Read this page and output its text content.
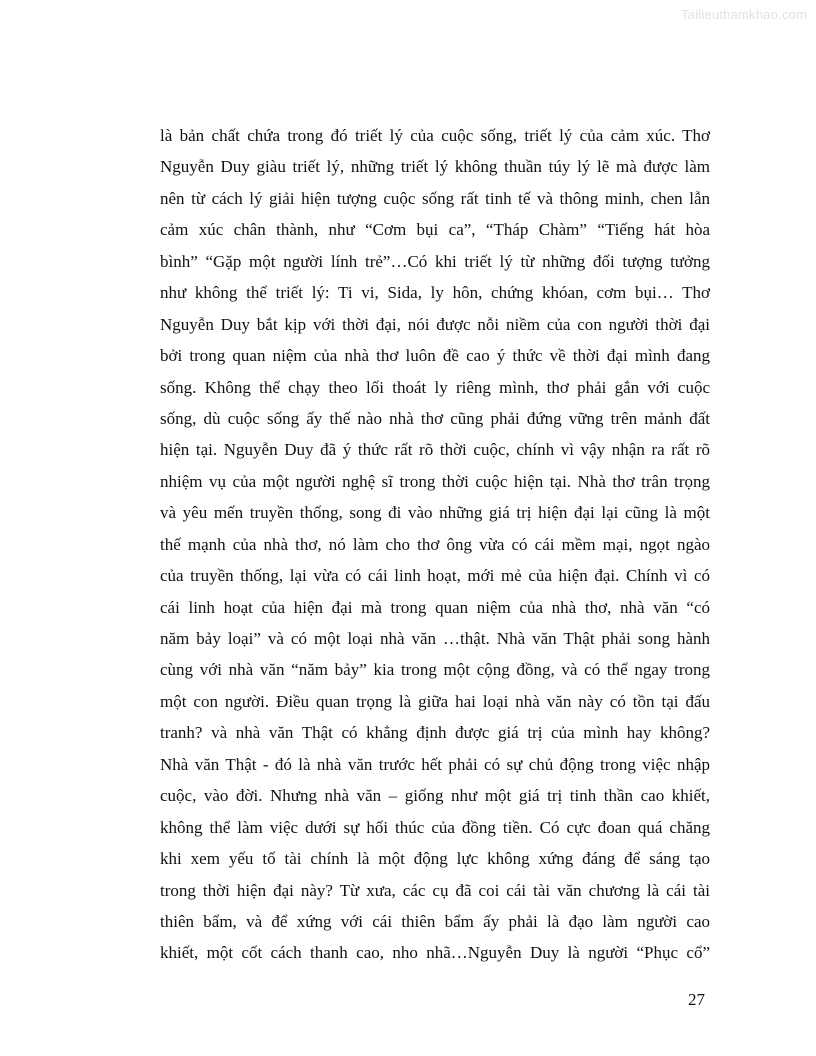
Tailieuthamkhao.com
là bản chất chứa trong đó triết lý của cuộc sống, triết lý của cảm xúc. Thơ
Nguyễn Duy giàu triết lý, những triết lý không thuần túy lý lẽ mà được làm
nên từ cách lý giải hiện tượng cuộc sống rất tinh tế và thông minh, chen lẫn
cảm xúc chân thành, như “Cơm bụi ca”, “Tháp Chàm” “Tiếng hát hòa
bình” “Gặp một người lính trẻ”…Có khi triết lý từ những đối tượng tưởng
như không thể triết lý: Ti vi, Sida, ly hôn, chứng khóan, cơm bụi… Thơ
Nguyễn Duy bắt kịp với thời đại, nói được nỗi niềm của con người thời đại
bởi trong quan niệm của nhà thơ luôn đề cao ý thức về thời đại mình đang
sống. Không thể chạy theo lối thoát ly riêng mình, thơ phải gắn với cuộc
sống, dù cuộc sống ấy thế nào nhà thơ cũng phải đứng vững trên mảnh đất
hiện tại. Nguyễn Duy đã ý thức rất rõ thời cuộc, chính vì vậy nhận ra rất rõ
nhiệm vụ của một người nghệ sĩ trong thời cuộc hiện tại. Nhà thơ trân trọng
và yêu mến truyền thống, song đi vào những giá trị hiện đại lại cũng là một
thế mạnh của nhà thơ, nó làm cho thơ ông vừa có cái mềm mại, ngọt ngào
của truyền thống, lại vừa có cái linh hoạt, mới mẻ của hiện đại. Chính vì có
cái linh hoạt của hiện đại mà trong quan niệm của nhà thơ, nhà văn “có
năm bảy loại” và có một loại nhà văn …thật. Nhà văn Thật phải song hành
cùng với nhà văn “năm bảy” kia trong một cộng đồng, và có thể ngay trong
một con người. Điều quan trọng là giữa hai loại nhà văn này có tồn tại đấu
tranh? và nhà văn Thật có khẳng định được giá trị của mình hay không?
Nhà văn Thật - đó là nhà văn trước hết phải có sự chủ động trong việc nhập
cuộc, vào đời. Nhưng nhà văn – giống như một giá trị tinh thần cao khiết,
không thể làm việc dưới sự hối thúc của đồng tiền. Có cực đoan quá chăng
khi xem yếu tố tài chính là một động lực không xứng đáng để sáng tạo
trong thời hiện đại này? Từ xưa, các cụ đã coi cái tài văn chương là cái tài
thiên bẩm, và để xứng với cái thiên bẩm ấy phải là đạo làm người cao
khiết, một cốt cách thanh cao, nho nhã…Nguyễn Duy là người “Phục cổ”
27
